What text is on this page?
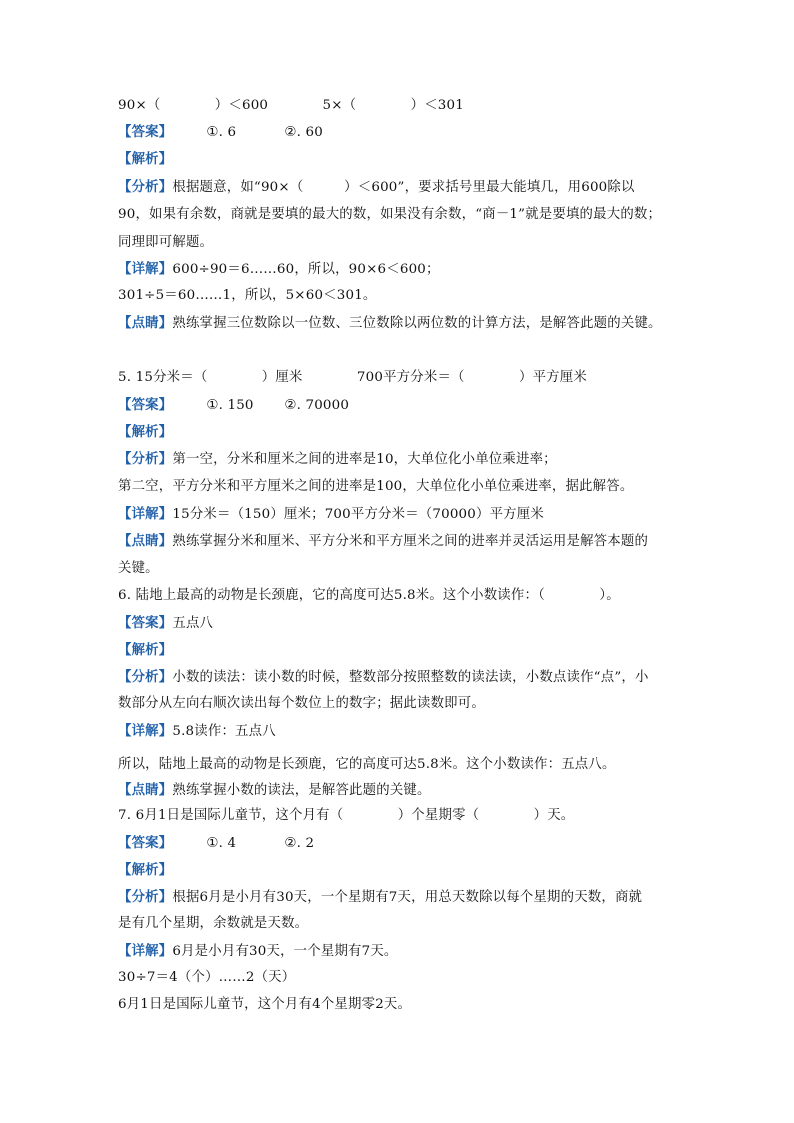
90×（　　　　）＜600　　　　5×（　　　　）＜301
【答案】	①. 6	②. 60
【解析】
【分析】根据题意，如“90×（　　　）＜600”，要求括号里最大能填几，用600除以
90，如果有余数，商就是要填的最大的数，如果没有余数，“商－1”就是要填的最大的数；
同理即可解题。
【详解】600÷90＝6……60，所以，90×6＜600；
301÷5＝60……1，所以，5×60＜301。
【点睛】熟练掌握三位数除以一位数、三位数除以两位数的计算方法，是解答此题的关键。
5. 15分米＝（　　　　）厘米　　　　700平方分米＝（　　　　）平方厘米
【答案】	①. 150 ②. 70000
【解析】
【分析】第一空，分米和厘米之间的进率是10，大单位化小单位乘进率；
第二空，平方分米和平方厘米之间的进率是100，大单位化小单位乘进率，据此解答。
【详解】15分米＝（150）厘米；700平方分米＝（70000）平方厘米
【点睛】熟练掌握分米和厘米、平方分米和平方厘米之间的进率并灵活运用是解答本题的
关键。
6. 陆地上最高的动物是长颈鹿，它的高度可达5.8米。这个小数读作：（　　　　）。
【答案】五点八
【解析】
【分析】小数的读法：读小数的时候，整数部分按照整数的读法读，小数点读作“点”，小
数部分从左向右顺次读出每个数位上的数字；据此读数即可。
【详解】5.8读作：五点八
所以，陆地上最高的动物是长颈鹿，它的高度可达5.8米。这个小数读作：五点八。
【点睛】熟练掌握小数的读法，是解答此题的关键。
7. 6月1日是国际儿童节，这个月有（　　　　）个星期零（　　　　）天。
【答案】	①. 4	②. 2
【解析】
【分析】根据6月是小月有30天，一个星期有7天，用总天数除以每个星期的天数，商就
是有几个星期，余数就是天数。
【详解】6月是小月有30天，一个星期有7天。
30÷7＝4（个）……2（天）
6月1日是国际儿童节，这个月有4个星期零2天。
